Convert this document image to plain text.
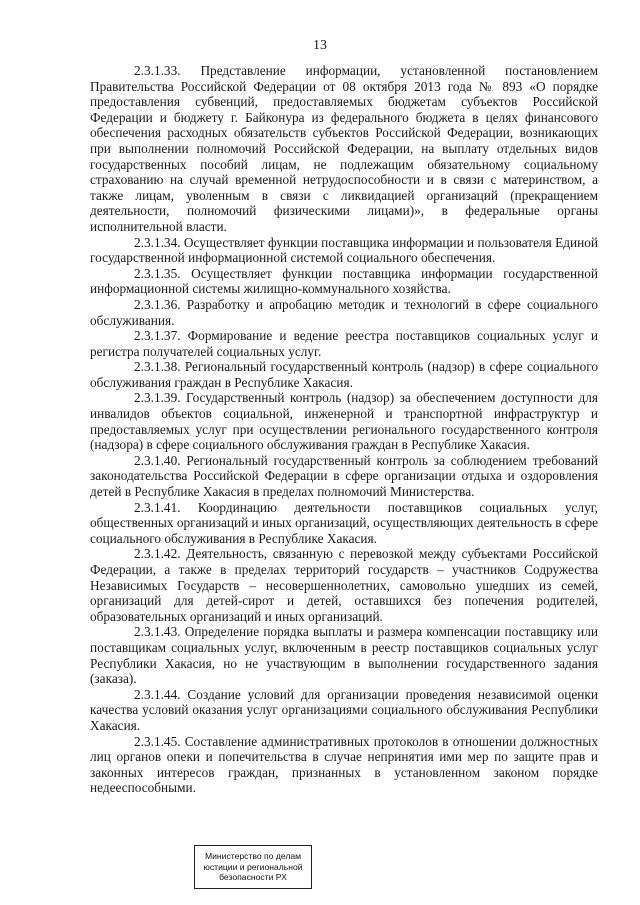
13

2.3.1.33. Представление информации, установленной постановлением Правительства Российской Федерации от 08 октября 2013 года № 893 «О порядке предоставления субвенций, предоставляемых бюджетам субъектов Российской Федерации и бюджету г. Байконура из федерального бюджета в целях финансового обеспечения расходных обязательств субъектов Российской Федерации, возникающих при выполнении полномочий Российской Федерации, на выплату отдельных видов государственных пособий лицам, не подлежащим обязательному социальному страхованию на случай временной нетрудоспособности и в связи с материнством, а также лицам, уволенным в связи с ликвидацией организаций (прекращением деятельности, полномочий физическими лицами)», в федеральные органы исполнительной власти.

2.3.1.34. Осуществляет функции поставщика информации и пользователя Единой государственной информационной системой социального обеспечения.

2.3.1.35. Осуществляет функции поставщика информации государственной информационной системы жилищно-коммунального хозяйства.

2.3.1.36. Разработку и апробацию методик и технологий в сфере социального обслуживания.

2.3.1.37. Формирование и ведение реестра поставщиков социальных услуг и регистра получателей социальных услуг.

2.3.1.38. Региональный государственный контроль (надзор) в сфере социального обслуживания граждан в Республике Хакасия.

2.3.1.39. Государственный контроль (надзор) за обеспечением доступности для инвалидов объектов социальной, инженерной и транспортной инфраструктур и предоставляемых услуг при осуществлении регионального государственного контроля (надзора) в сфере социального обслуживания граждан в Республике Хакасия.

2.3.1.40. Региональный государственный контроль за соблюдением требований законодательства Российской Федерации в сфере организации отдыха и оздоровления детей в Республике Хакасия в пределах полномочий Министерства.

2.3.1.41. Координацию деятельности поставщиков социальных услуг, общественных организаций и иных организаций, осуществляющих деятельность в сфере социального обслуживания в Республике Хакасия.

2.3.1.42. Деятельность, связанную с перевозкой между субъектами Российской Федерации, а также в пределах территорий государств – участников Содружества Независимых Государств – несовершеннолетних, самовольно ушедших из семей, организаций для детей-сирот и детей, оставшихся без попечения родителей, образовательных организаций и иных организаций.

2.3.1.43. Определение порядка выплаты и размера компенсации поставщику или поставщикам социальных услуг, включенным в реестр поставщиков социальных услуг Республики Хакасия, но не участвующим в выполнении государственного задания (заказа).

2.3.1.44. Создание условий для организации проведения независимой оценки качества условий оказания услуг организациями социального обслуживания Республики Хакасия.

2.3.1.45. Составление административных протоколов в отношении должностных лиц органов опеки и попечительства в случае непринятия ими мер по защите прав и законных интересов граждан, признанных в установленном законом порядке недееспособными.

Министерство по делам
юстиции и региональной
безопасности РХ
